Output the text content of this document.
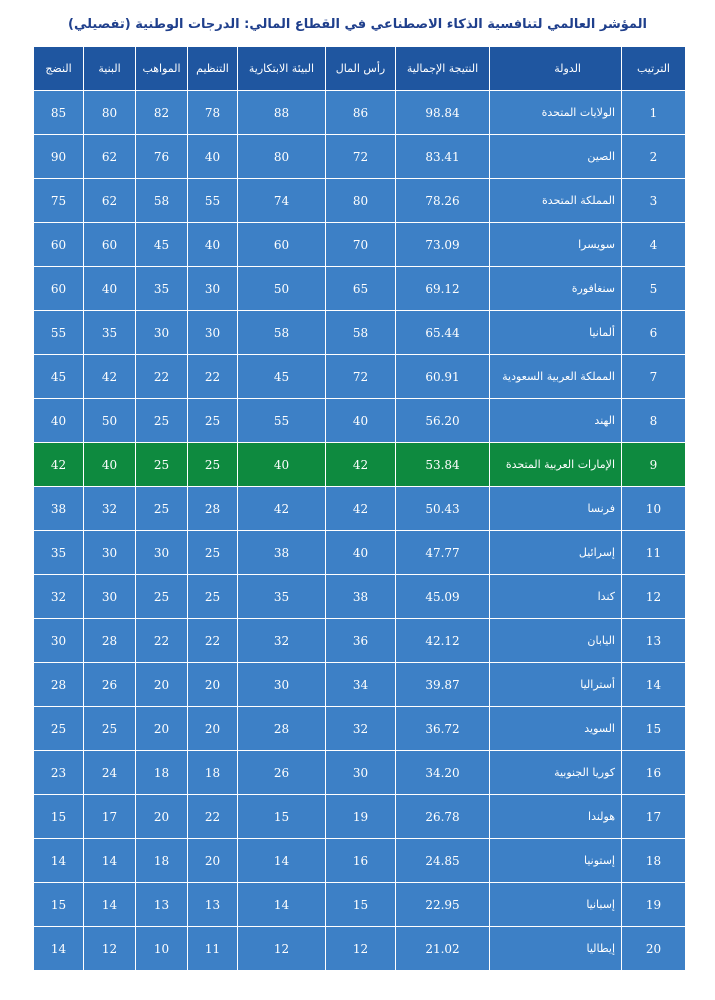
المؤشر العالمي لتنافسية الذكاء الاصطناعي في القطاع المالي: الدرجات الوطنية (تفصيلي)
الترتيب	الدولة	النتيجة الإجمالية	رأس المال	البيئة الابتكارية	التنظيم	المواهب	البنية	النضج
1	الولايات المتحدة	98.84	86	88	78	82	80	85
2	الصين	83.41	72	80	40	76	62	90
3	المملكة المتحدة	78.26	80	74	55	58	62	75
4	سويسرا	73.09	70	60	40	45	60	60
5	سنغافورة	69.12	65	50	30	35	40	60
6	ألمانيا	65.44	58	58	30	30	35	55
7	المملكة العربية السعودية	60.91	72	45	22	22	42	45
8	الهند	56.20	40	55	25	25	50	40
9	الإمارات العربية المتحدة	53.84	42	40	25	25	40	42
10	فرنسا	50.43	42	42	28	25	32	38
11	إسرائيل	47.77	40	38	25	30	30	35
12	كندا	45.09	38	35	25	25	30	32
13	اليابان	42.12	36	32	22	22	28	30
14	أستراليا	39.87	34	30	20	20	26	28
15	السويد	36.72	32	28	20	20	25	25
16	كوريا الجنوبية	34.20	30	26	18	18	24	23
17	هولندا	26.78	19	15	22	20	17	15
18	إستونيا	24.85	16	14	20	18	14	14
19	إسبانيا	22.95	15	14	13	13	14	15
20	إيطاليا	21.02	12	12	11	10	12	14
